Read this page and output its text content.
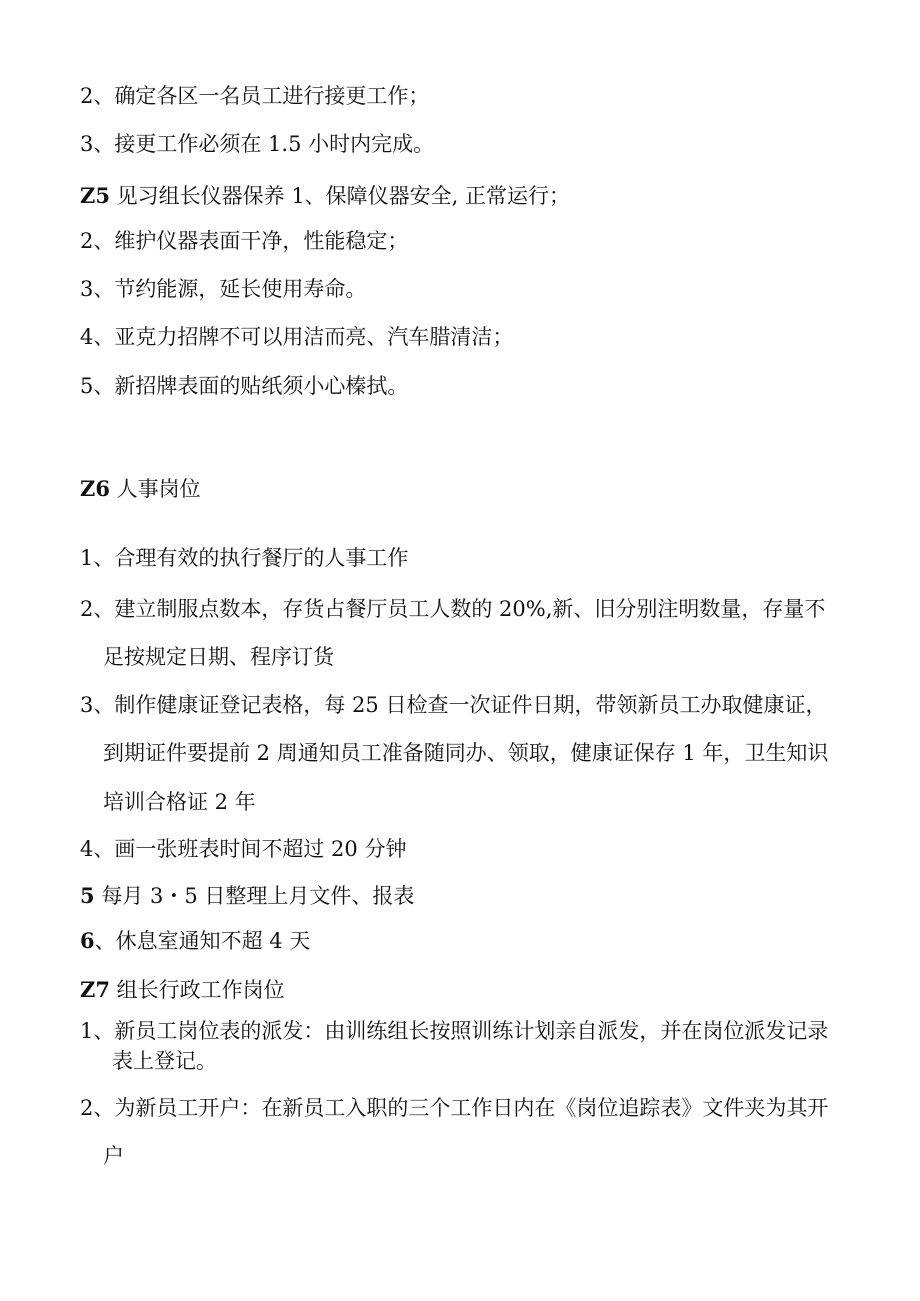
2、确定各区一名员工进行接更工作；
3、接更工作必须在 1.5 小时内完成。
Z5 见习组长仪器保养 1、保障仪器安全, 正常运行；
2、维护仪器表面干净，性能稳定；
3、节约能源，延长使用寿命。
4、亚克力招牌不可以用洁而亮、汽车腊清洁；
5、新招牌表面的贴纸须小心榛拭。
Z6 人事岗位
1、合理有效的执行餐厅的人事工作
2、建立制服点数本，存货占餐厅员工人数的 20%,新、旧分别注明数量，存量不
足按规定日期、程序订货
3、制作健康证登记表格，每 25 日检查一次证件日期，带领新员工办取健康证，
到期证件要提前 2 周通知员工准备随同办、领取，健康证保存 1 年，卫生知识
培训合格证 2 年
4、画一张班表时间不超过 20 分钟
5 每月 3・5 日整理上月文件、报表
6、休息室通知不超 4 天
Z7 组长行政工作岗位
1、新员工岗位表的派发：由训练组长按照训练计划亲自派发，并在岗位派发记录
表上登记。
2、为新员工开户：在新员工入职的三个工作日内在《岗位追踪表》文件夹为其开
户
